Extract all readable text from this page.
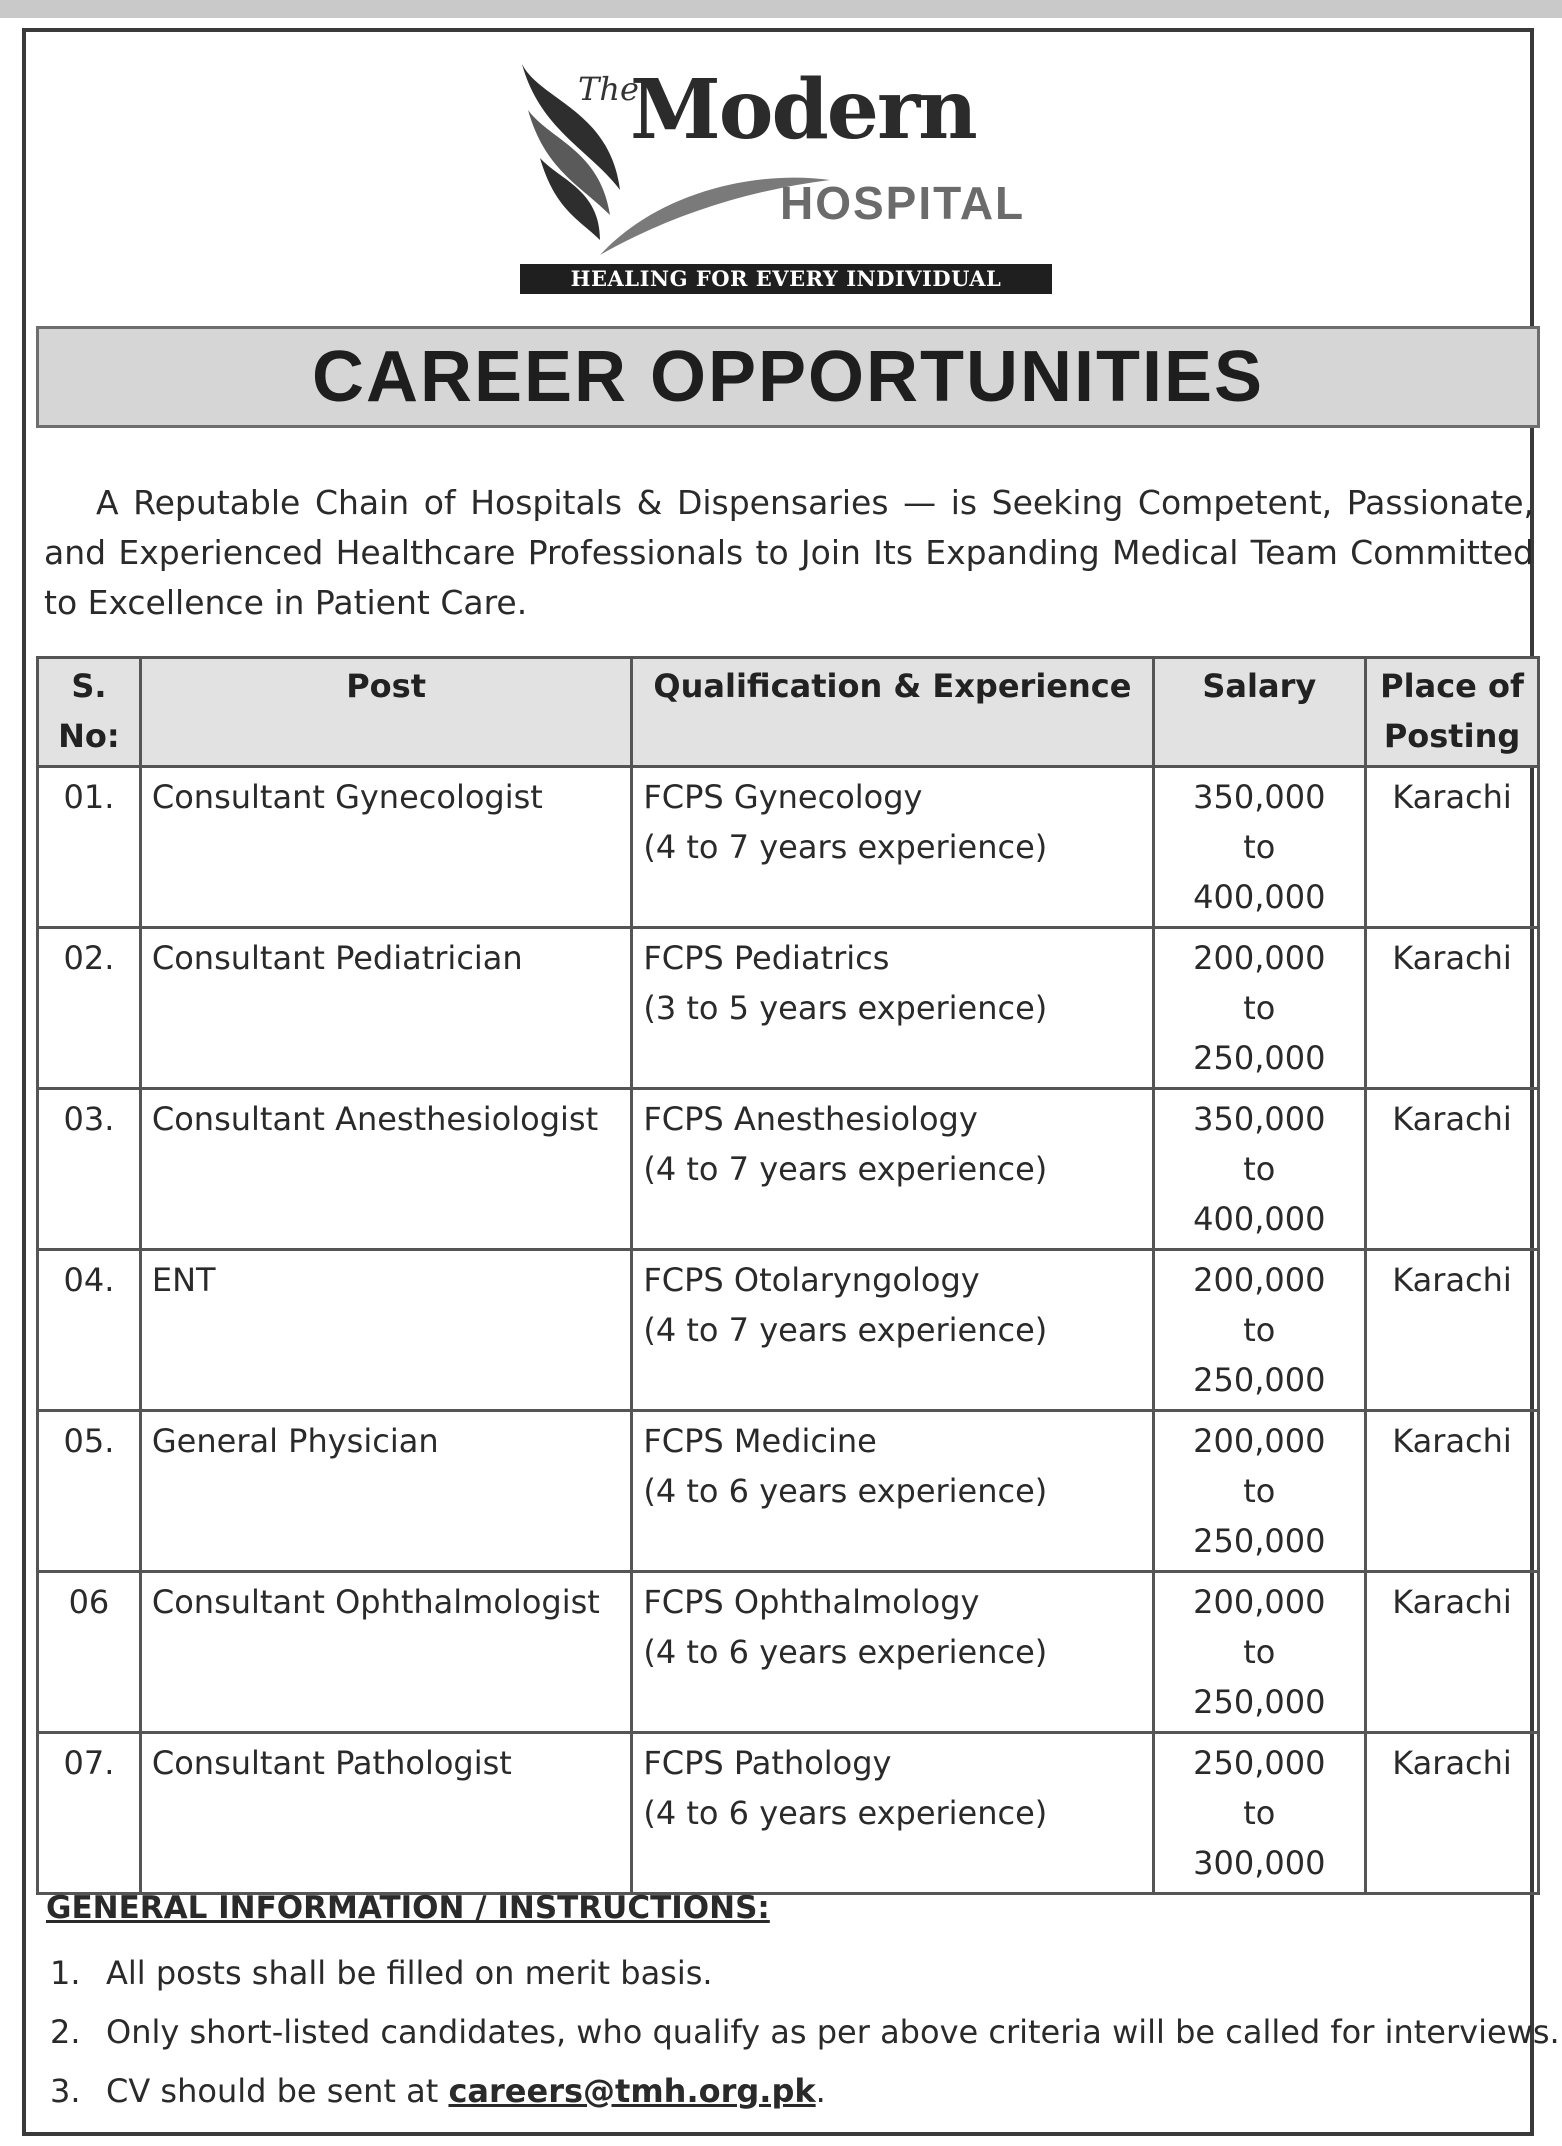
The
Modern
HOSPITAL
HEALING FOR EVERY INDIVIDUAL
CAREER OPPORTUNITIES

A Reputable Chain of Hospitals & Dispensaries — is Seeking Competent, Passionate, and Experienced Healthcare Professionals to Join Its Expanding Medical Team Committed to Excellence in Patient Care.

S. No:	Post	Qualification & Experience	Salary	Place of Posting
01.	Consultant Gynecologist	FCPS Gynecology
(4 to 7 years experience)	350,000
to
400,000	Karachi
02.	Consultant Pediatrician	FCPS Pediatrics
(3 to 5 years experience)	200,000
to
250,000	Karachi
03.	Consultant Anesthesiologist	FCPS Anesthesiology
(4 to 7 years experience)	350,000
to
400,000	Karachi
04.	ENT	FCPS Otolaryngology
(4 to 7 years experience)	200,000
to
250,000	Karachi
05.	General Physician	FCPS Medicine
(4 to 6 years experience)	200,000
to
250,000	Karachi
06	Consultant Ophthalmologist	FCPS Ophthalmology
(4 to 6 years experience)	200,000
to
250,000	Karachi
07.	Consultant Pathologist	FCPS Pathology
(4 to 6 years experience)	250,000
to
300,000	Karachi
GENERAL INFORMATION / INSTRUCTIONS:
1. All posts shall be filled on merit basis.
2. Only short-listed candidates, who qualify as per above criteria will be called for interviews.
3. CV should be sent at careers@tmh.org.pk.
